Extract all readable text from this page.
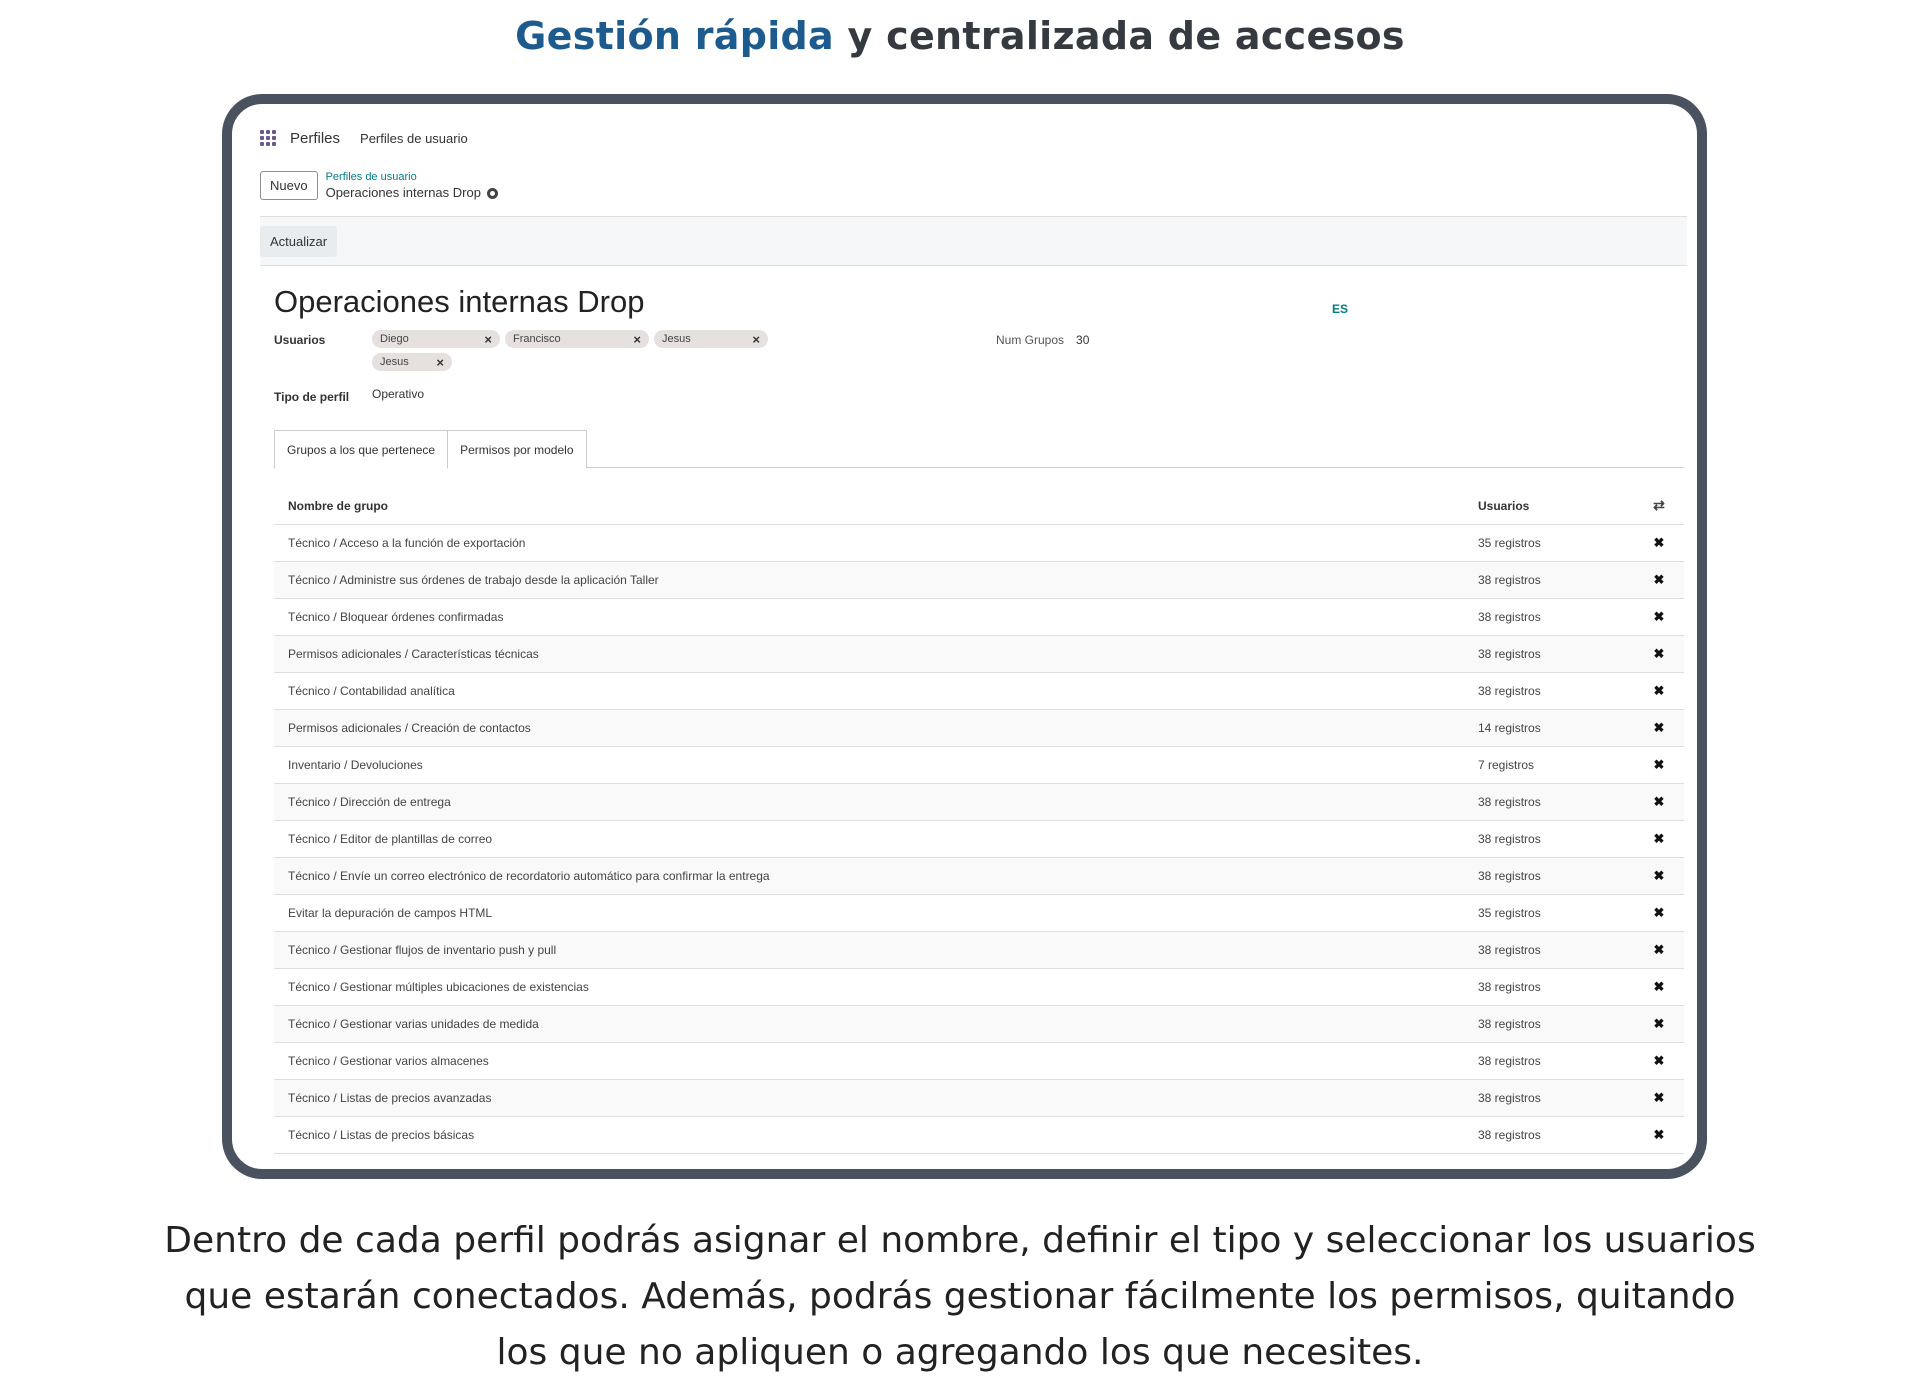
Gestión rápida y centralizada de accesos
Perfiles Perfiles de usuario
Nuevo
Perfiles de usuario
Operaciones internas Drop
Actualizar
ES
Operaciones internas Drop
Usuarios	Diego	× Francisco	× Jesus	×
Jesus ×
Num Grupos 30
Tipo de perfil	Operativo
Grupos a los que pertenece	Permisos por modelo
Nombre de grupo	Usuarios	⇄
Técnico / Acceso a la función de exportación	35 registros	✖
Técnico / Administre sus órdenes de trabajo desde la aplicación Taller	38 registros	✖
Técnico / Bloquear órdenes confirmadas	38 registros	✖
Permisos adicionales / Características técnicas	38 registros	✖
Técnico / Contabilidad analítica	38 registros	✖
Permisos adicionales / Creación de contactos	14 registros	✖
Inventario / Devoluciones	7 registros	✖
Técnico / Dirección de entrega	38 registros	✖
Técnico / Editor de plantillas de correo	38 registros	✖
Técnico / Envíe un correo electrónico de recordatorio automático para confirmar la entrega	38 registros	✖
Evitar la depuración de campos HTML	35 registros	✖
Técnico / Gestionar flujos de inventario push y pull	38 registros	✖
Técnico / Gestionar múltiples ubicaciones de existencias	38 registros	✖
Técnico / Gestionar varias unidades de medida	38 registros	✖
Técnico / Gestionar varios almacenes	38 registros	✖
Técnico / Listas de precios avanzadas	38 registros	✖
Técnico / Listas de precios básicas	38 registros	✖
Dentro de cada perfil podrás asignar el nombre, definir el tipo y seleccionar los usuarios
que estarán conectados. Además, podrás gestionar fácilmente los permisos, quitando
los que no apliquen o agregando los que necesites.
